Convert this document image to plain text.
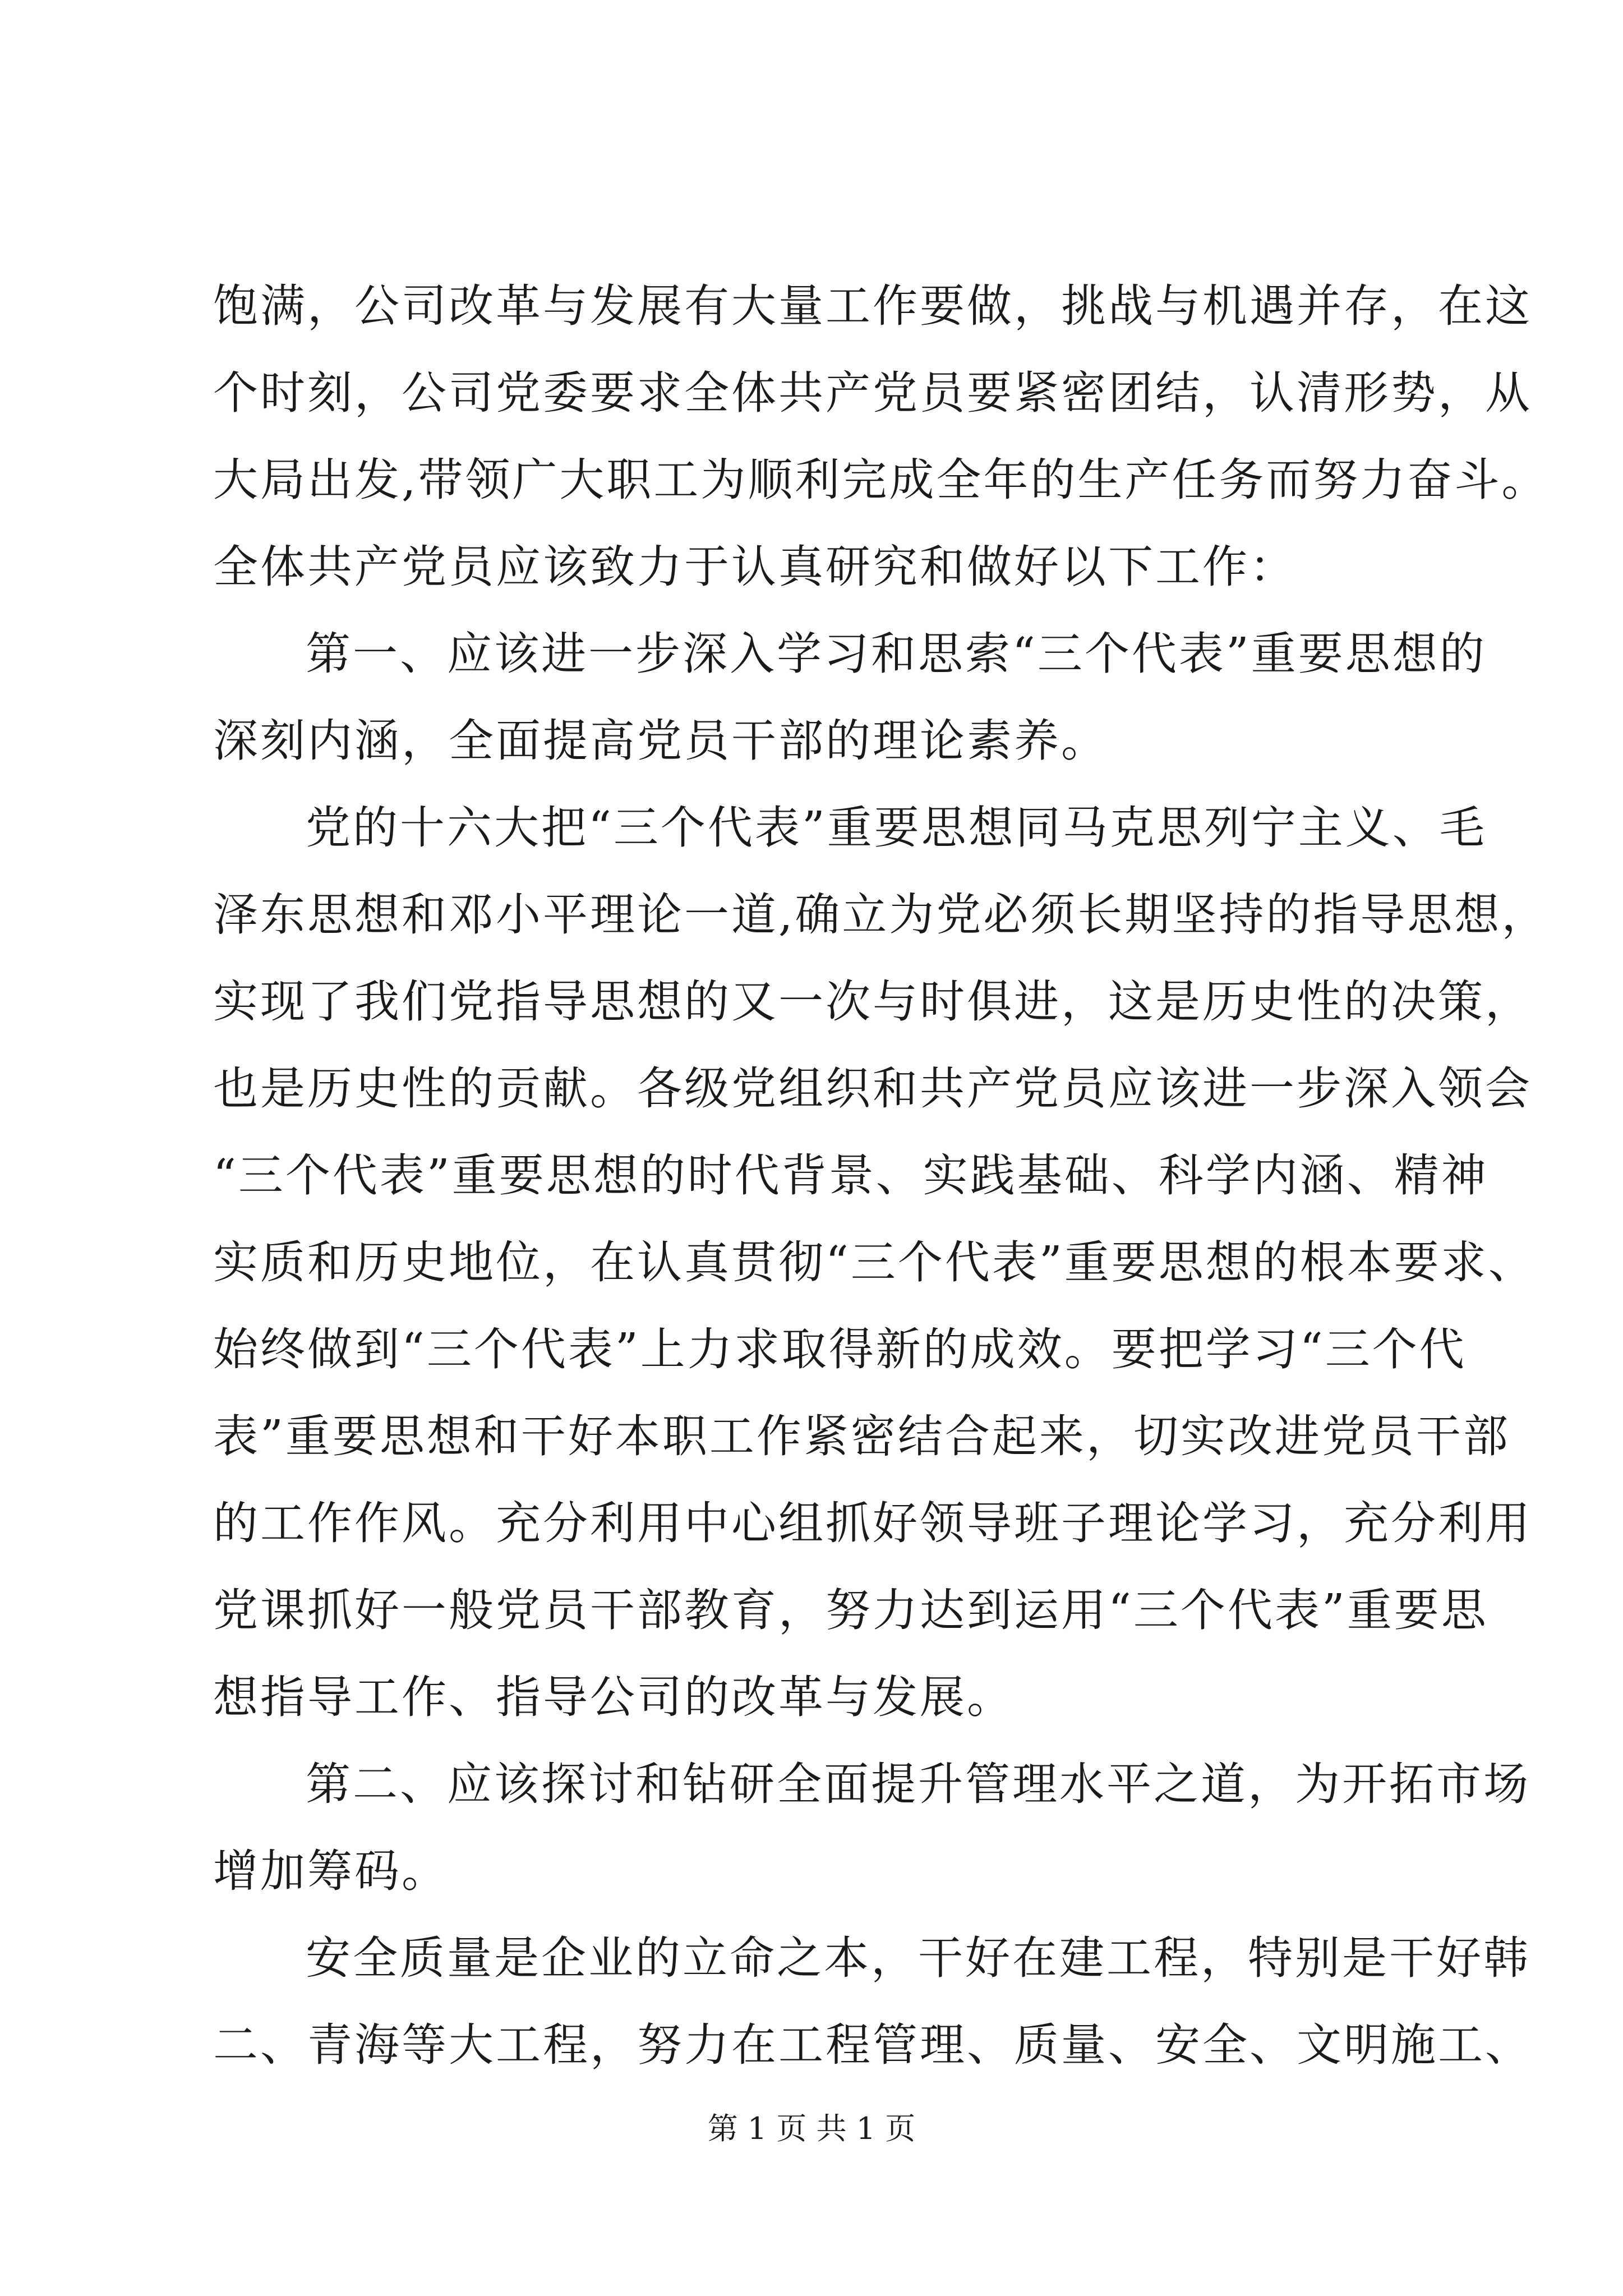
饱满，公司改革与发展有大量工作要做，挑战与机遇并存，在这
个时刻，公司党委要求全体共产党员要紧密团结，认清形势，从
大局出发,带领广大职工为顺利完成全年的生产任务而努力奋斗。
全体共产党员应该致力于认真研究和做好以下工作：
第一、应该进一步深入学习和思索“三个代表”重要思想的
深刻内涵，全面提高党员干部的理论素养。
党的十六大把“三个代表”重要思想同马克思列宁主义、毛
泽东思想和邓小平理论一道,确立为党必须长期坚持的指导思想，
实现了我们党指导思想的又一次与时俱进，这是历史性的决策，
也是历史性的贡献。各级党组织和共产党员应该进一步深入领会
“三个代表”重要思想的时代背景、实践基础、科学内涵、精神
实质和历史地位，在认真贯彻“三个代表”重要思想的根本要求、
始终做到“三个代表”上力求取得新的成效。要把学习“三个代
表”重要思想和干好本职工作紧密结合起来，切实改进党员干部
的工作作风。充分利用中心组抓好领导班子理论学习，充分利用
党课抓好一般党员干部教育，努力达到运用“三个代表”重要思
想指导工作、指导公司的改革与发展。
第二、应该探讨和钻研全面提升管理水平之道，为开拓市场
增加筹码。
安全质量是企业的立命之本，干好在建工程，特别是干好韩
二、青海等大工程，努力在工程管理、质量、安全、文明施工、
第 1 页 共 1 页
